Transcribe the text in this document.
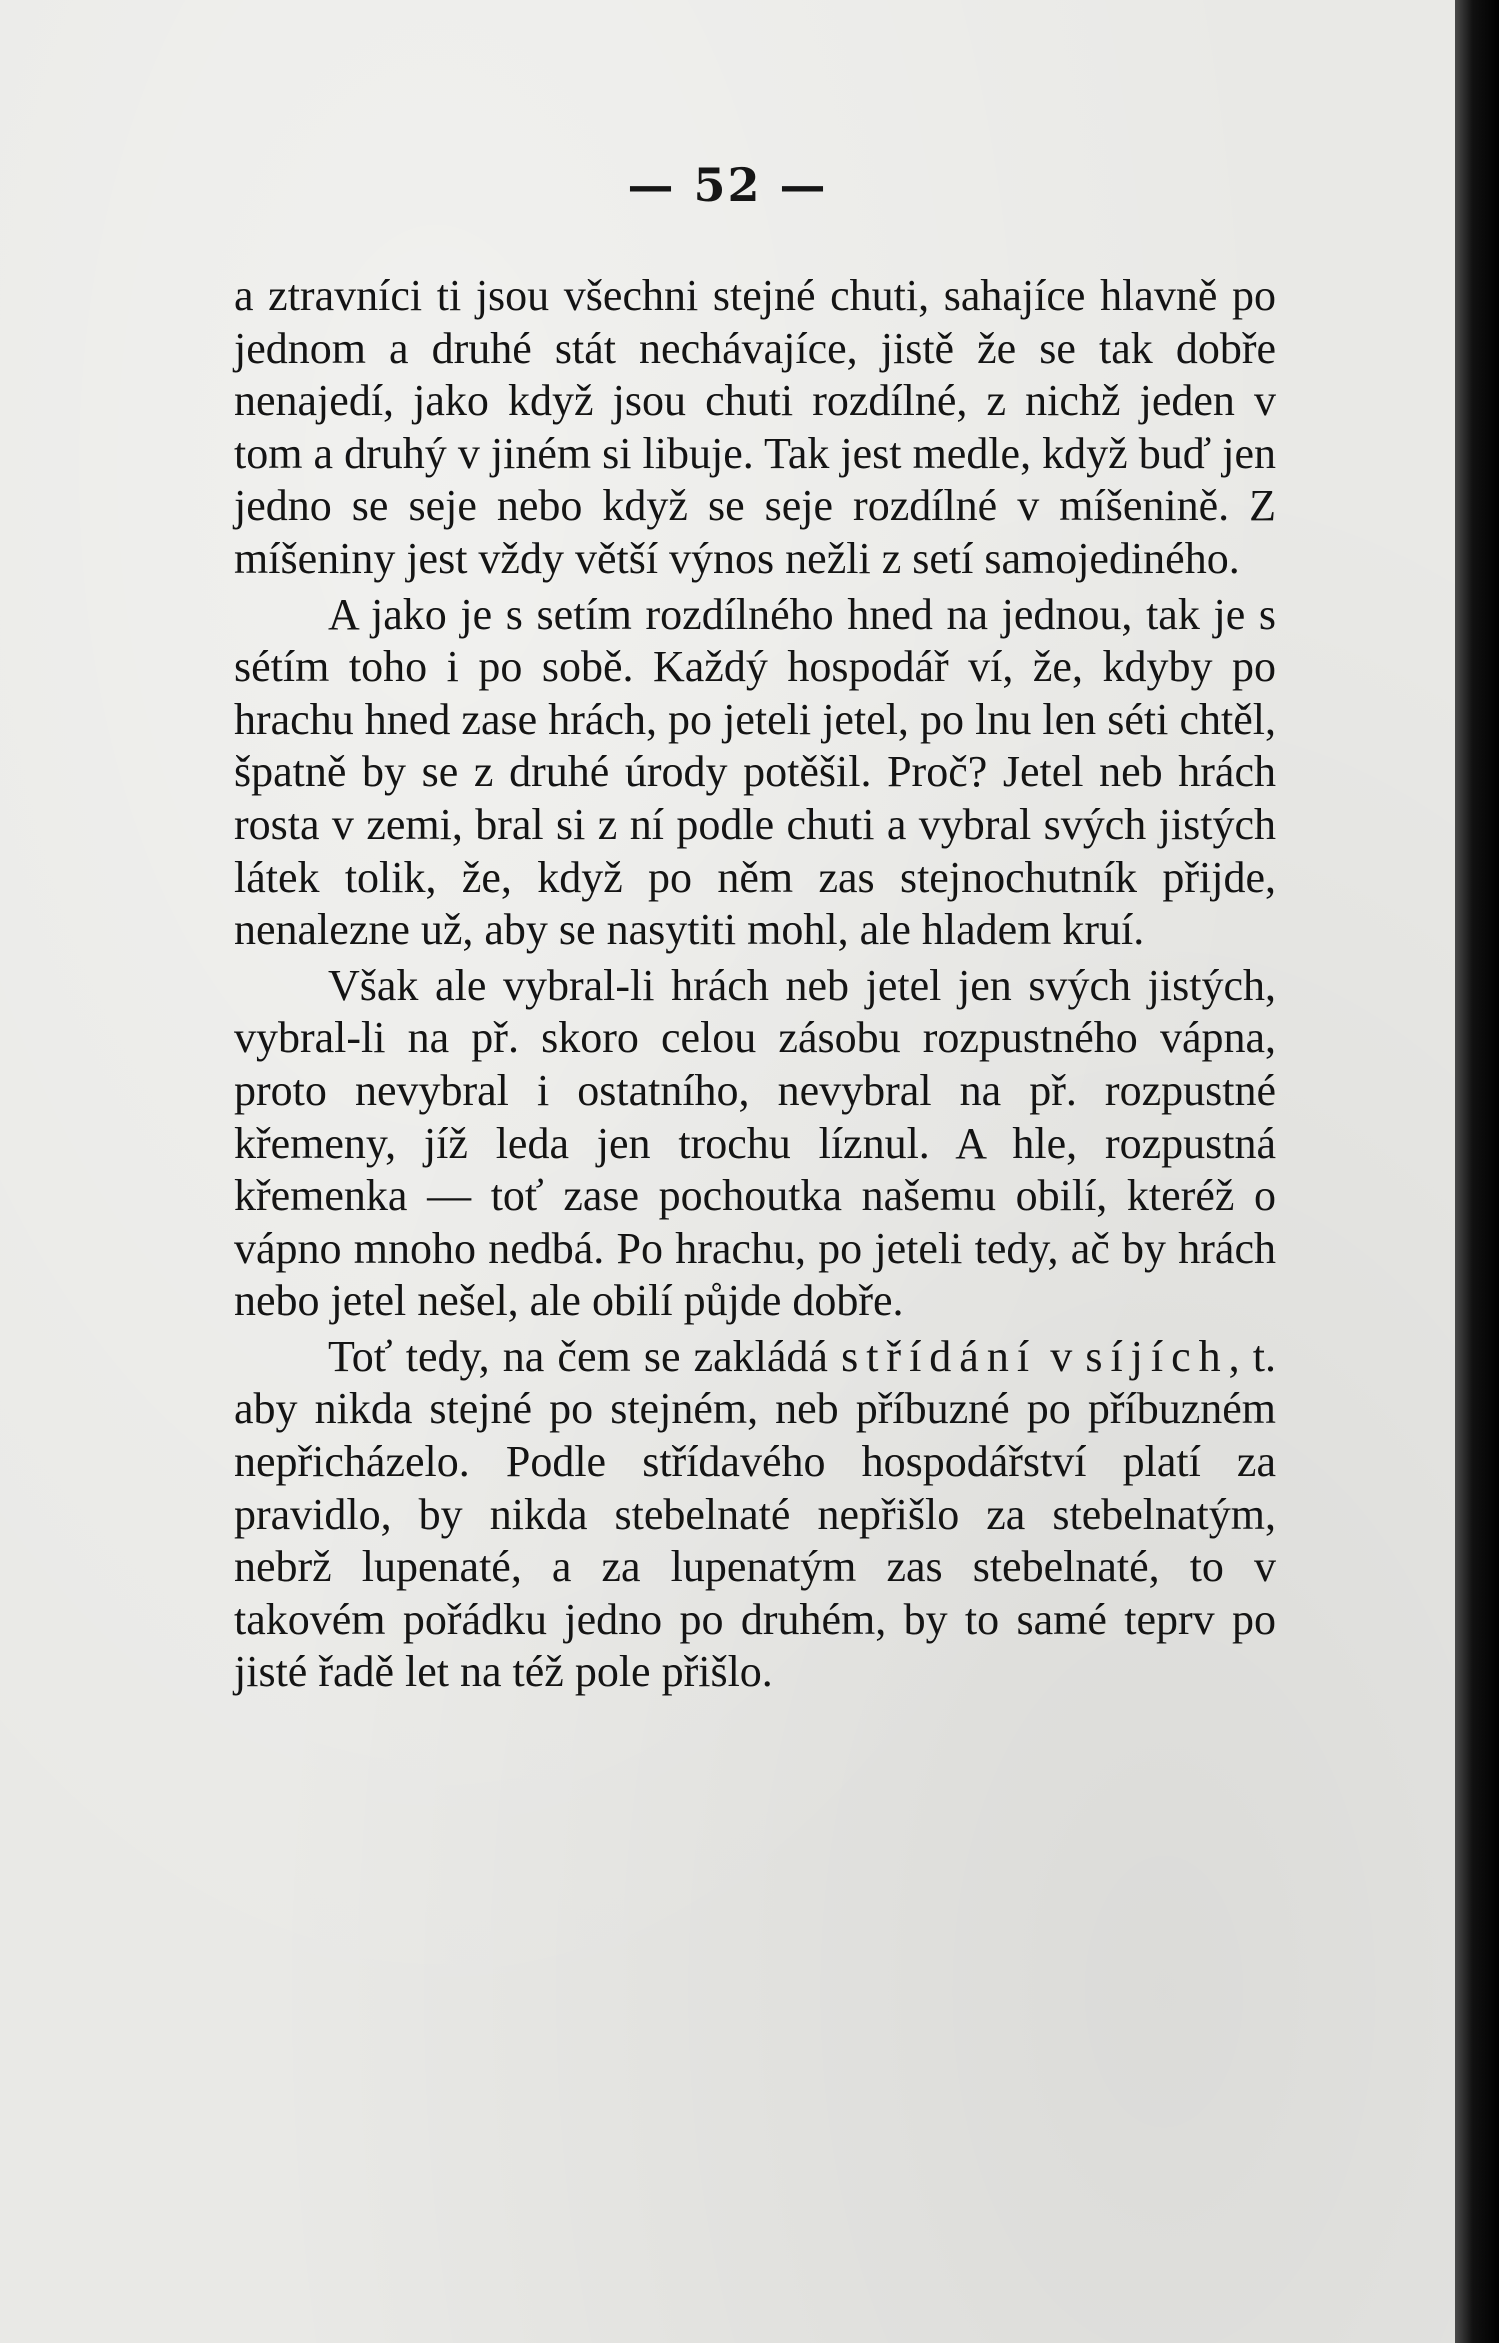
— 52 —

a ztravníci ti jsou všechni stejné chuti, sahajíce hlavně po jednom a druhé stát nechávajíce, jistě že se tak dobře nenajedí, jako když jsou chuti rozdílné, z nichž jeden v tom a druhý v jiném si libuje. Tak jest medle, když buď jen jedno se seje nebo když se seje rozdílné v míšenině. Z míšeniny jest vždy větší výnos nežli z setí samojediného.

A jako je s setím rozdílného hned na jednou, tak je s sétím toho i po sobě. Každý hospodář ví, že, kdyby po hrachu hned zase hrách, po jeteli jetel, po lnu len séti chtěl, špatně by se z druhé úrody potěšil. Proč? Jetel neb hrách rosta v zemi, bral si z ní podle chuti a vybral svých jistých látek tolik, že, když po něm zas stejnochutník přijde, nenalezne už, aby se nasytiti mohl, ale hladem kruí.

Však ale vybral-li hrách neb jetel jen svých jistých, vybral-li na př. skoro celou zásobu rozpustného vápna, proto nevybral i ostatního, nevybral na př. rozpustné křemeny, jíž leda jen trochu líznul. A hle, rozpustná křemenka — toť zase pochoutka našemu obilí, kteréž o vápno mnoho nedbá. Po hrachu, po jeteli tedy, ač by hrách nebo jetel nešel, ale obilí půjde dobře.

Toť tedy, na čem se zakládá střídání v síjích, t. aby nikda stejné po stejném, neb příbuzné po příbuzném nepřicházelo. Podle střídavého hospodářství platí za pravidlo, by nikda stebelnaté nepřišlo za stebelnatým, nebrž lupenaté, a za lupenatým zas stebelnaté, to v takovém pořádku jedno po druhém, by to samé teprv po jisté řadě let na též pole přišlo.
